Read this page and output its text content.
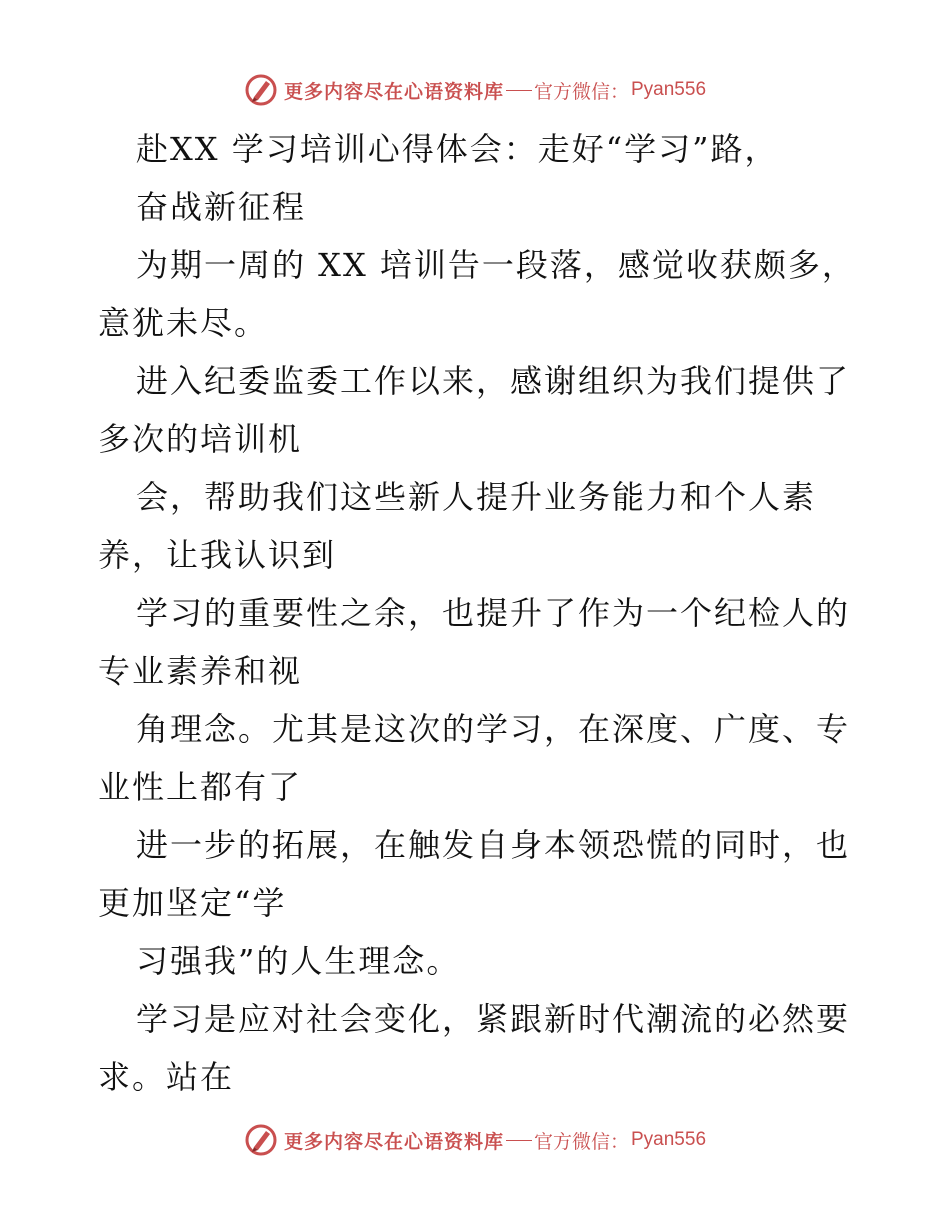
更多内容尽在心语资料库 官方微信： Pyan556
赴XX 学习培训心得体会：走好“学习”路，
奋战新征程
为期一周的 XX 培训告一段落，感觉收获颇多，
意犹未尽。
进入纪委监委工作以来，感谢组织为我们提供了
多次的培训机
会，帮助我们这些新人提升业务能力和个人素
养，让我认识到
学习的重要性之余，也提升了作为一个纪检人的
专业素养和视
角理念。尤其是这次的学习，在深度、广度、专
业性上都有了
进一步的拓展，在触发自身本领恐慌的同时，也
更加坚定“学
习强我”的人生理念。
学习是应对社会变化，紧跟新时代潮流的必然要
求。站在
更多内容尽在心语资料库 官方微信： Pyan556
